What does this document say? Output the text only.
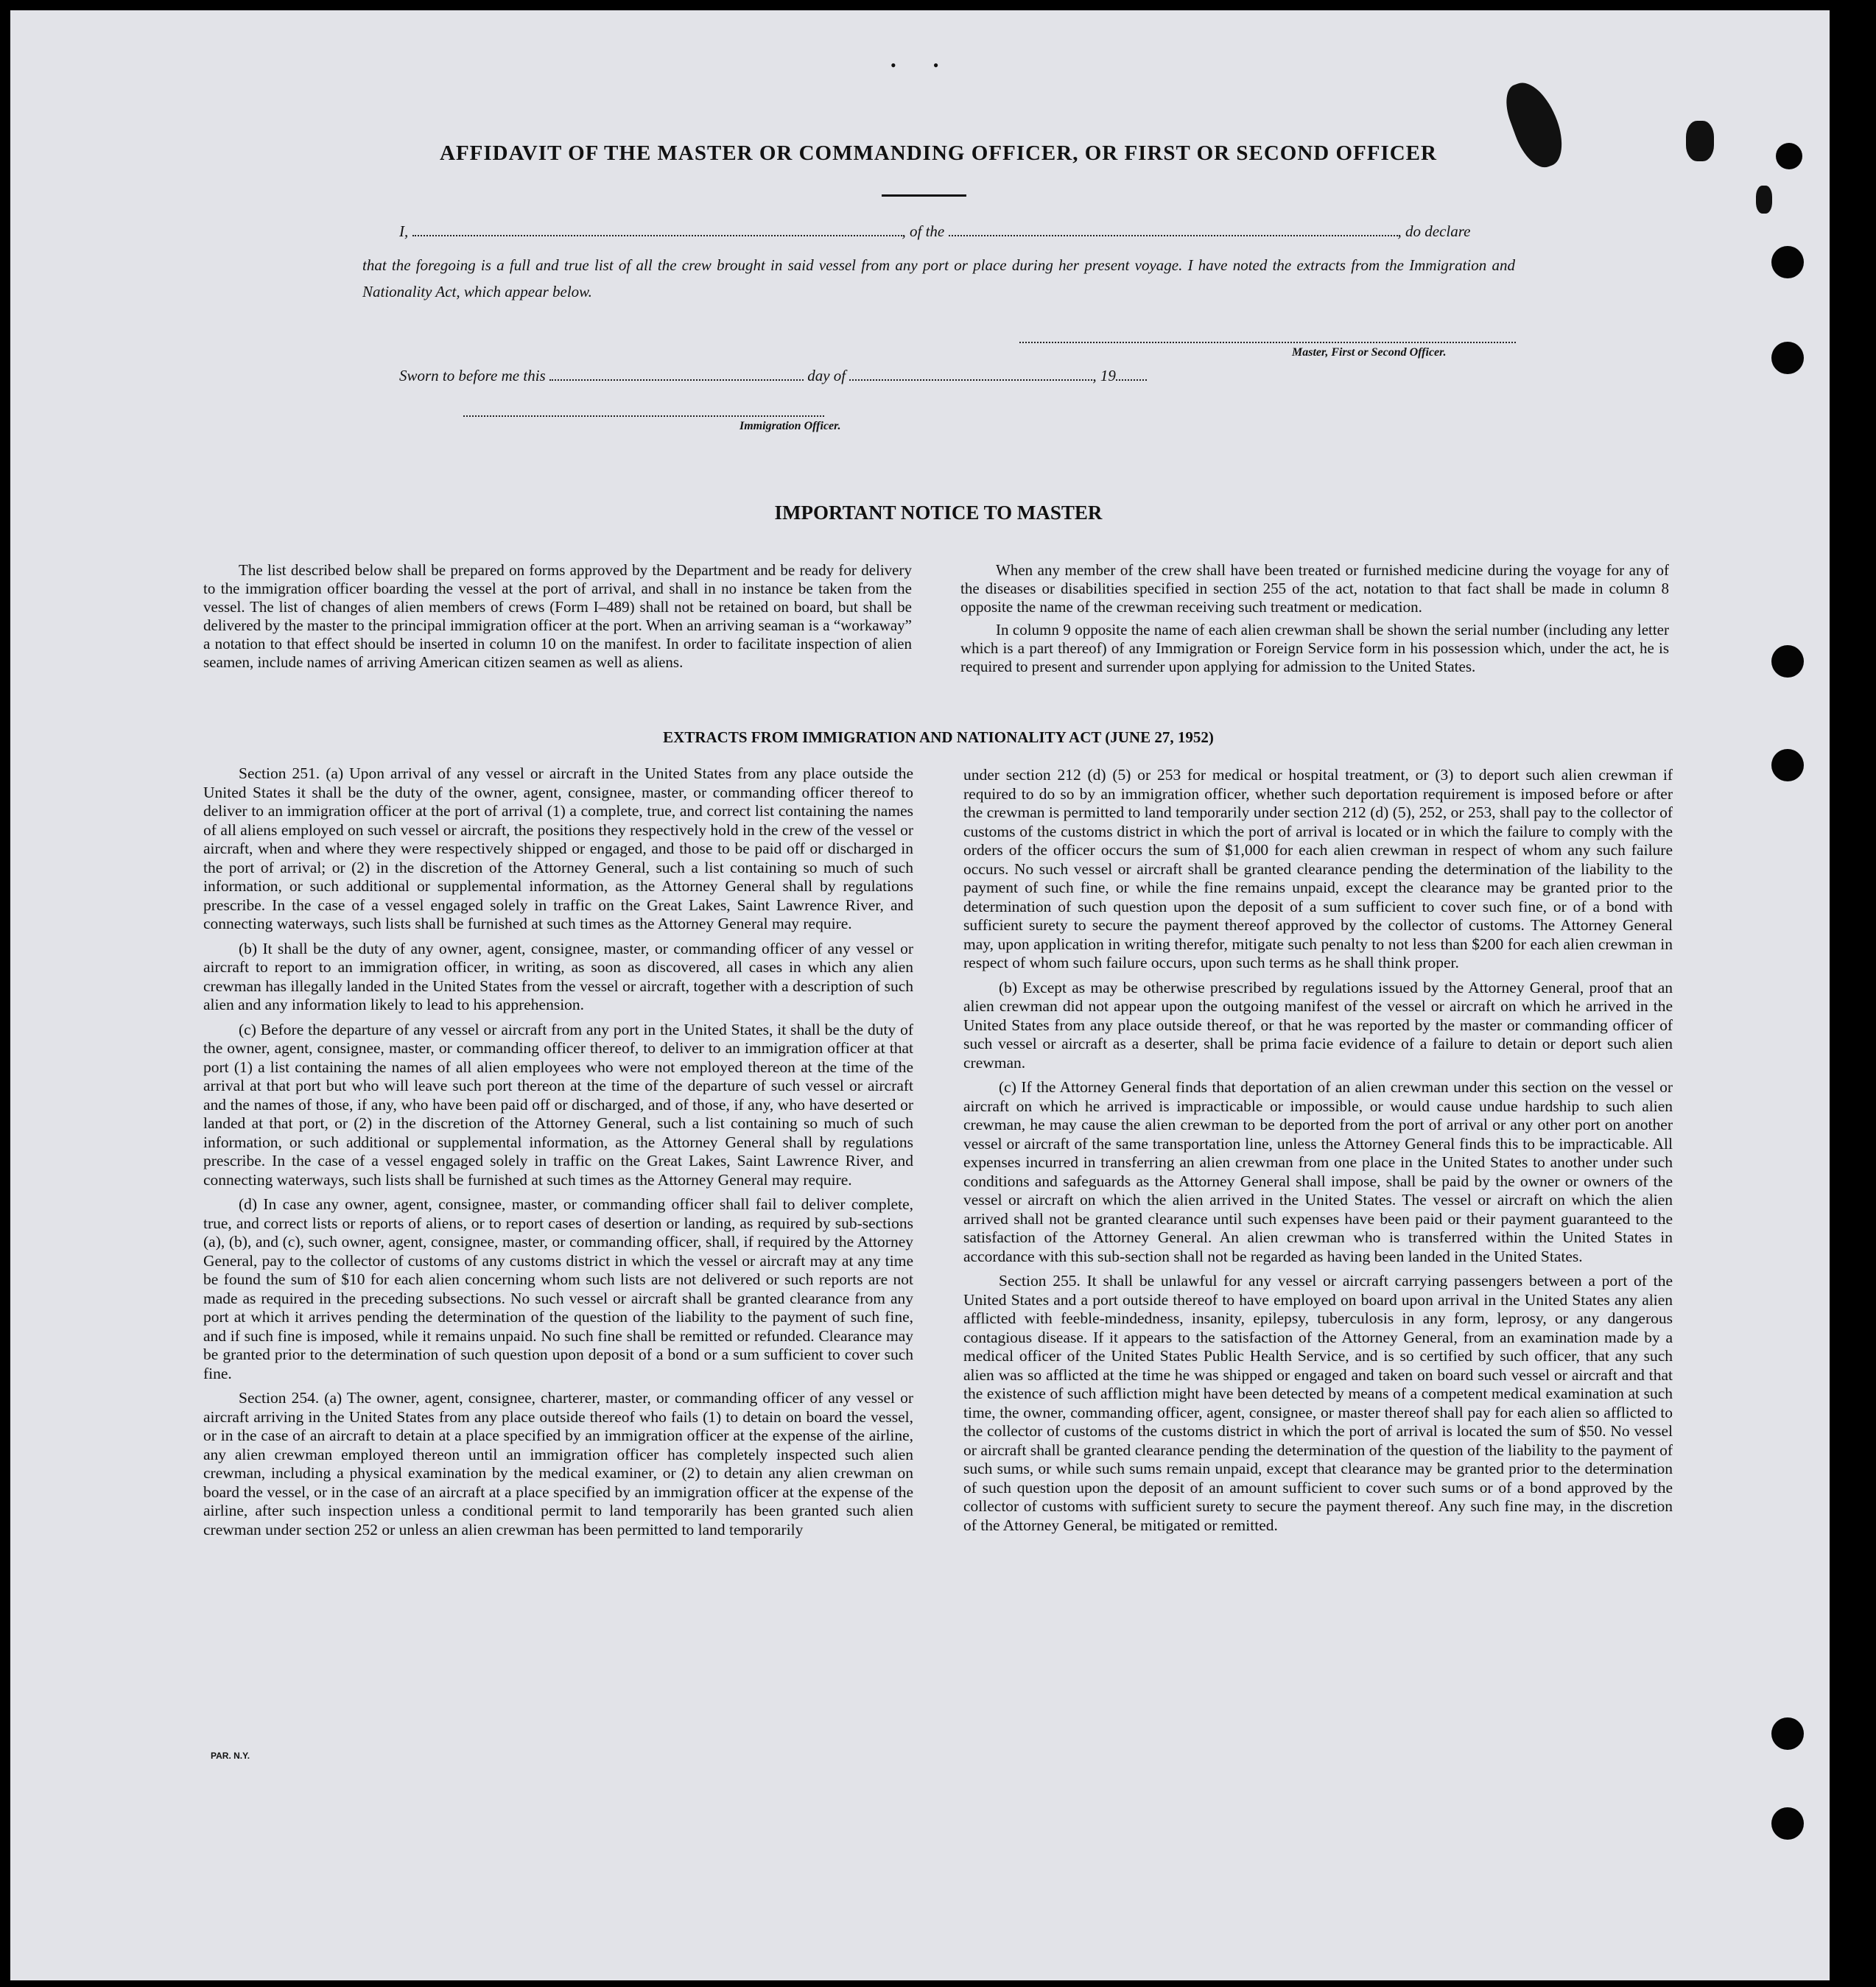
••
AFFIDAVIT OF THE MASTER OR COMMANDING OFFICER, OR FIRST OR SECOND OFFICER
I,	, of the	, do declare
that the foregoing is a full and true list of all the crew brought in said vessel from any port or place during her present voyage. I have noted the extracts from the Immigration and Nationality Act, which appear below.
Master, First or Second Officer.
Sworn to before me this	day of	, 19
Immigration Officer.
IMPORTANT NOTICE TO MASTER

The list described below shall be prepared on forms approved by the Department and be ready for delivery to the immigration officer boarding the vessel at the port of arrival, and shall in no instance be taken from the vessel. The list of changes of alien members of crews (Form I–489) shall not be retained on board, but shall be delivered by the master to the principal immigration officer at the port. When an arriving seaman is a “workaway” a notation to that effect should be inserted in column 10 on the manifest. In order to facilitate inspection of alien seamen, include names of arriving American citizen seamen as well as aliens.

When any member of the crew shall have been treated or furnished medicine during the voyage for any of the diseases or disabilities specified in section 255 of the act, notation to that fact shall be made in column 8 opposite the name of the crewman receiving such treatment or medication.

In column 9 opposite the name of each alien crewman shall be shown the serial number (including any letter which is a part thereof) of any Immigration or Foreign Service form in his possession which, under the act, he is required to present and surrender upon applying for admission to the United States.

EXTRACTS FROM IMMIGRATION AND NATIONALITY ACT (JUNE 27, 1952)

Section 251. (a) Upon arrival of any vessel or aircraft in the United States from any place outside the United States it shall be the duty of the owner, agent, consignee, master, or commanding officer thereof to deliver to an immigration officer at the port of arrival (1) a complete, true, and correct list containing the names of all aliens employed on such vessel or aircraft, the positions they respectively hold in the crew of the vessel or aircraft, when and where they were respectively shipped or engaged, and those to be paid off or discharged in the port of arrival; or (2) in the discretion of the Attorney General, such a list containing so much of such information, or such additional or supplemental information, as the Attorney General shall by regulations prescribe. In the case of a vessel engaged solely in traffic on the Great Lakes, Saint Lawrence River, and connecting waterways, such lists shall be furnished at such times as the Attorney General may require.

(b) It shall be the duty of any owner, agent, consignee, master, or commanding officer of any vessel or aircraft to report to an immigration officer, in writing, as soon as discovered, all cases in which any alien crewman has illegally landed in the United States from the vessel or aircraft, together with a description of such alien and any information likely to lead to his apprehension.

(c) Before the departure of any vessel or aircraft from any port in the United States, it shall be the duty of the owner, agent, consignee, master, or commanding officer thereof, to deliver to an immigration officer at that port (1) a list containing the names of all alien employees who were not employed thereon at the time of the arrival at that port but who will leave such port thereon at the time of the departure of such vessel or aircraft and the names of those, if any, who have been paid off or discharged, and of those, if any, who have deserted or landed at that port, or (2) in the discretion of the Attorney General, such a list containing so much of such information, or such additional or supplemental information, as the Attorney General shall by regulations prescribe. In the case of a vessel engaged solely in traffic on the Great Lakes, Saint Lawrence River, and connecting waterways, such lists shall be furnished at such times as the Attorney General may require.

(d) In case any owner, agent, consignee, master, or commanding officer shall fail to deliver complete, true, and correct lists or reports of aliens, or to report cases of desertion or landing, as required by sub-sections (a), (b), and (c), such owner, agent, consignee, master, or commanding officer, shall, if required by the Attorney General, pay to the collector of customs of any customs district in which the vessel or aircraft may at any time be found the sum of $10 for each alien concerning whom such lists are not delivered or such reports are not made as required in the preceding subsections. No such vessel or aircraft shall be granted clearance from any port at which it arrives pending the determination of the question of the liability to the payment of such fine, and if such fine is imposed, while it remains unpaid. No such fine shall be remitted or refunded. Clearance may be granted prior to the determination of such question upon deposit of a bond or a sum sufficient to cover such fine.

Section 254. (a) The owner, agent, consignee, charterer, master, or commanding officer of any vessel or aircraft arriving in the United States from any place outside thereof who fails (1) to detain on board the vessel, or in the case of an aircraft to detain at a place specified by an immigration officer at the expense of the airline, any alien crewman employed thereon until an immigration officer has completely inspected such alien crewman, including a physical examination by the medical examiner, or (2) to detain any alien crewman on board the vessel, or in the case of an aircraft at a place specified by an immigration officer at the expense of the airline, after such inspection unless a conditional permit to land temporarily has been granted such alien crewman under section 252 or unless an alien crewman has been permitted to land temporarily

under section 212 (d) (5) or 253 for medical or hospital treatment, or (3) to deport such alien crewman if required to do so by an immigration officer, whether such deportation requirement is imposed before or after the crewman is permitted to land temporarily under section 212 (d) (5), 252, or 253, shall pay to the collector of customs of the customs district in which the port of arrival is located or in which the failure to comply with the orders of the officer occurs the sum of $1,000 for each alien crewman in respect of whom any such failure occurs. No such vessel or aircraft shall be granted clearance pending the determination of the liability to the payment of such fine, or while the fine remains unpaid, except the clearance may be granted prior to the determination of such question upon the deposit of a sum sufficient to cover such fine, or of a bond with sufficient surety to secure the payment thereof approved by the collector of customs. The Attorney General may, upon application in writing therefor, mitigate such penalty to not less than $200 for each alien crewman in respect of whom such failure occurs, upon such terms as he shall think proper.

(b) Except as may be otherwise prescribed by regulations issued by the Attorney General, proof that an alien crewman did not appear upon the outgoing manifest of the vessel or aircraft on which he arrived in the United States from any place outside thereof, or that he was reported by the master or commanding officer of such vessel or aircraft as a deserter, shall be prima facie evidence of a failure to detain or deport such alien crewman.

(c) If the Attorney General finds that deportation of an alien crewman under this section on the vessel or aircraft on which he arrived is impracticable or impossible, or would cause undue hardship to such alien crewman, he may cause the alien crewman to be deported from the port of arrival or any other port on another vessel or aircraft of the same transportation line, unless the Attorney General finds this to be impracticable. All expenses incurred in transferring an alien crewman from one place in the United States to another under such conditions and safeguards as the Attorney General shall impose, shall be paid by the owner or owners of the vessel or aircraft on which the alien arrived in the United States. The vessel or aircraft on which the alien arrived shall not be granted clearance until such expenses have been paid or their payment guaranteed to the satisfaction of the Attorney General. An alien crewman who is transferred within the United States in accordance with this sub-section shall not be regarded as having been landed in the United States.

Section 255. It shall be unlawful for any vessel or aircraft carrying passengers between a port of the United States and a port outside thereof to have employed on board upon arrival in the United States any alien afflicted with feeble-mindedness, insanity, epilepsy, tuberculosis in any form, leprosy, or any dangerous contagious disease. If it appears to the satisfaction of the Attorney General, from an examination made by a medical officer of the United States Public Health Service, and is so certified by such officer, that any such alien was so afflicted at the time he was shipped or engaged and taken on board such vessel or aircraft and that the existence of such affliction might have been detected by means of a competent medical examination at such time, the owner, commanding officer, agent, consignee, or master thereof shall pay for each alien so afflicted to the collector of customs of the customs district in which the port of arrival is located the sum of $50. No vessel or aircraft shall be granted clearance pending the determination of the question of the liability to the payment of such sums, or while such sums remain unpaid, except that clearance may be granted prior to the determination of such question upon the deposit of an amount sufficient to cover such sums or of a bond approved by the collector of customs with sufficient surety to secure the payment thereof. Any such fine may, in the discretion of the Attorney General, be mitigated or remitted.

PAR. N.Y.
